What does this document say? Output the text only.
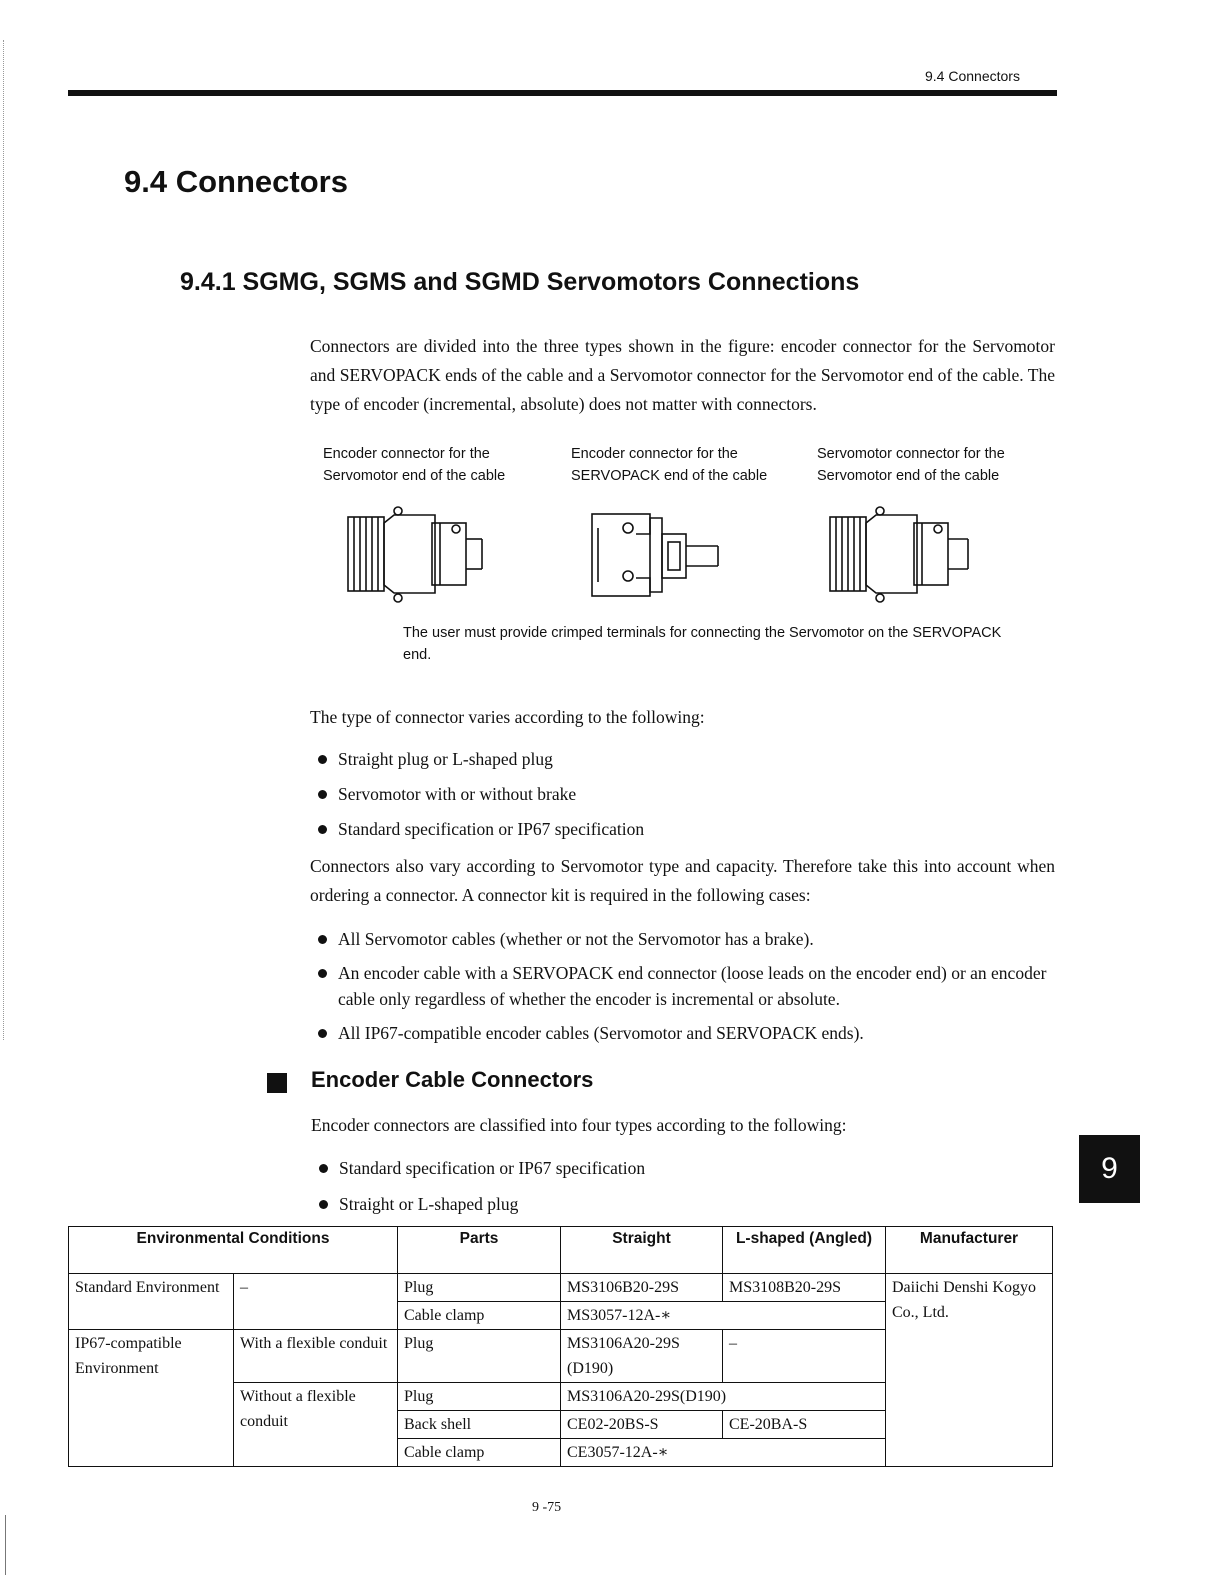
9.4 Connectors
9.4 Connectors
9.4.1 SGMG, SGMS and SGMD Servomotors Connections

Connectors are divided into the three types shown in the figure: encoder connector for the Servomotor and SERVOPACK ends of the cable and a Servomotor connector for the Servomotor end of the cable. The type of encoder (incremental, absolute) does not matter with connectors.

Encoder connector for the Servomotor end of the cable
Encoder connector for the SERVOPACK end of the cable
Servomotor connector for the Servomotor end of the cable
The user must provide crimped terminals for connecting the Servomotor on the SERVOPACK end.

The type of connector varies according to the following:

Straight plug or L-shaped plug
Servomotor with or without brake
Standard specification or IP67 specification

Connectors also vary according to Servomotor type and capacity. Therefore take this into account when ordering a connector. A connector kit is required in the following cases:

All Servomotor cables (whether or not the Servomotor has a brake).
An encoder cable with a SERVOPACK end connector (loose leads on the encoder end) or an encoder cable only regardless of whether the encoder is incremental or absolute.
All IP67-compatible encoder cables (Servomotor and SERVOPACK ends).
Encoder Cable Connectors

Encoder connectors are classified into four types according to the following:

Standard specification or IP67 specification
Straight or L-shaped plug
9
Environmental Conditions		Parts	Straight	L-shaped (Angled)	Manufacturer
Standard Environment	–	Plug	MS3106B20-29S	MS3108B20-29S	Daiichi Denshi Kogyo Co., Ltd.
		Cable clamp	MS3057-12A-∗		
IP67-compatible Environment	With a flexible conduit	Plug	MS3106A20-29S (D190)	–	
	Without a flexible conduit	Plug	MS3106A20-29S(D190)		
		Back shell	CE02-20BS-S	CE-20BA-S	
		Cable clamp	CE3057-12A-∗		
9 -75
